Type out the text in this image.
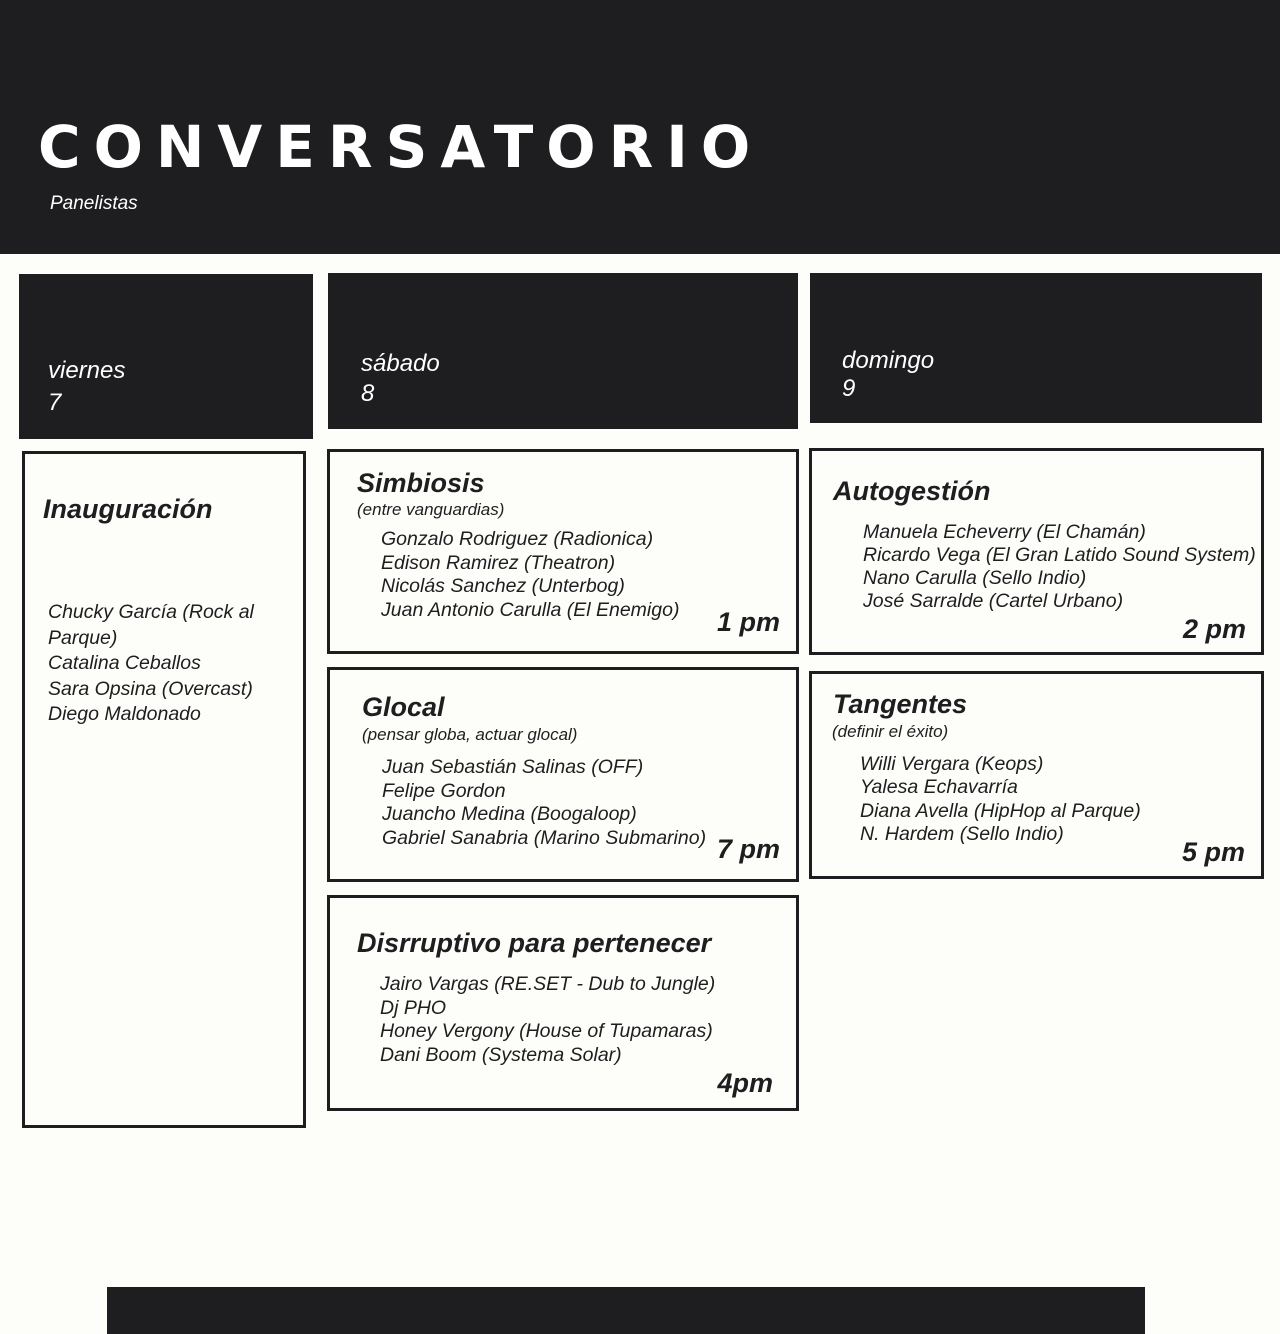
CONVERSATORIO
Panelistas
viernes
7
sábado
8
domingo
9
Inauguración
Chucky García (Rock al
Parque)
Catalina Ceballos
Sara Opsina (Overcast)
Diego Maldonado
Simbiosis
(entre vanguardias)
Gonzalo Rodriguez (Radionica)
Edison Ramirez (Theatron)
Nicolás Sanchez (Unterbog)
Juan Antonio Carulla (El Enemigo) 1 pm
Glocal
(pensar globa, actuar glocal)
Juan Sebastián Salinas (OFF)
Felipe Gordon
Juancho Medina (Boogaloop)
Gabriel Sanabria (Marino Submarino) 7 pm
Disrruptivo para pertenecer
Jairo Vargas (RE.SET - Dub to Jungle)
Dj PHO
Honey Vergony (House of Tupamaras)
Dani Boom (Systema Solar)
4pm
Autogestión
Manuela Echeverry (El Chamán)
Ricardo Vega (El Gran Latido Sound System)
Nano Carulla (Sello Indio)
José Sarralde (Cartel Urbano)
2 pm
Tangentes
(definir el éxito)
Willi Vergara (Keops)
Yalesa Echavarría
Diana Avella (HipHop al Parque)
N. Hardem (Sello Indio)
5 pm
